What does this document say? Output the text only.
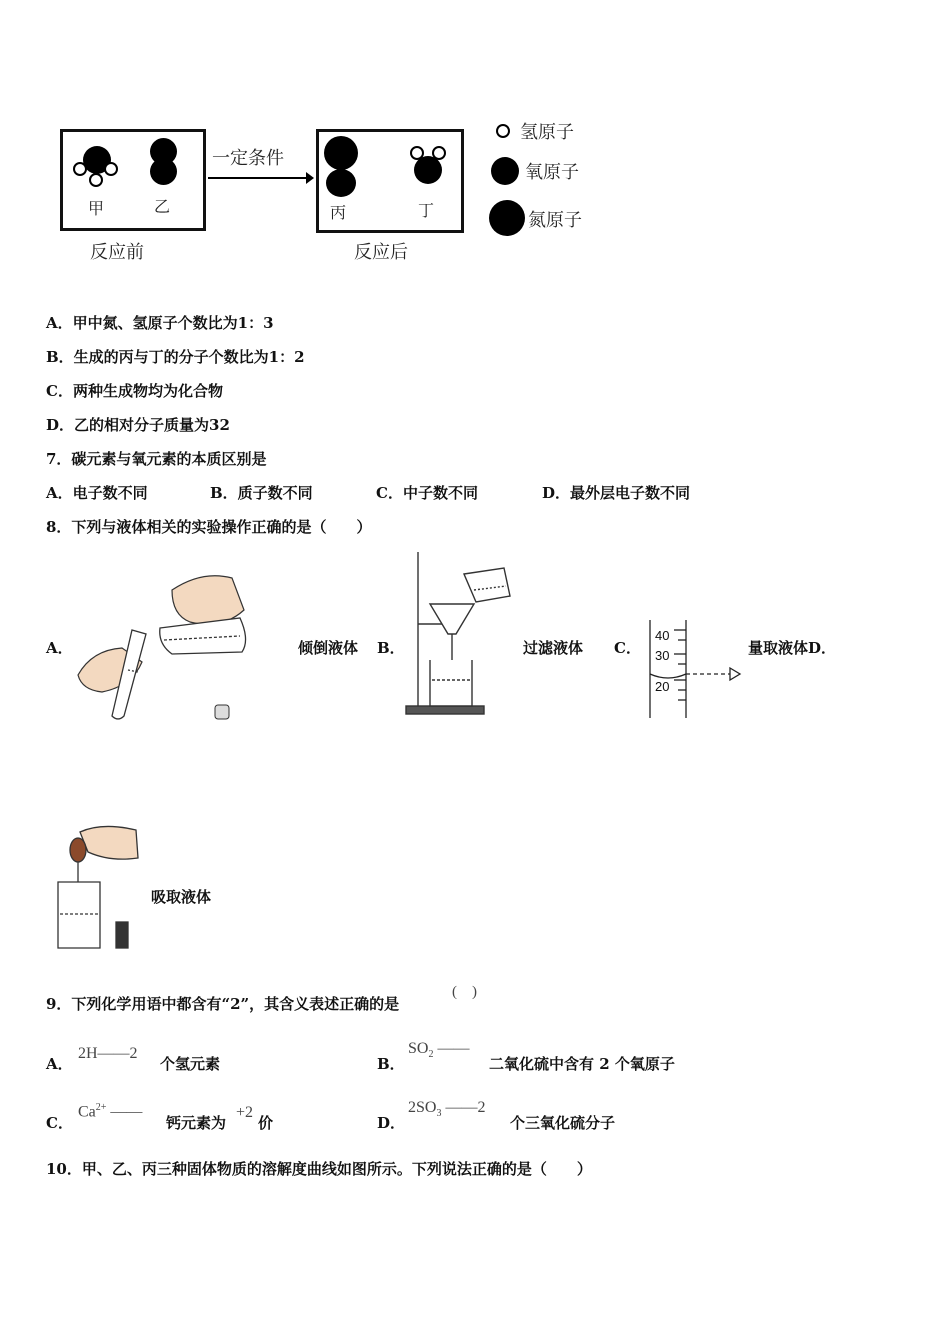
甲	乙
一定条件
丙	丁
反应前	反应后
氢原子
氧原子
氮原子
A．甲中氮、氢原子个数比为1：3
B．生成的丙与丁的分子个数比为1：2
C．两种生成物均为化合物
D．乙的相对分子质量为32
7．碳元素与氧元素的本质区别是
A．电子数不同	B．质子数不同	C．中子数不同	D．最外层电子数不同
8．下列与液体相关的实验操作正确的是（　　）
A．	倾倒液体 B．	过滤液体 C．
40
30
20
量取液体D．
吸取液体
9．下列化学用语中都含有“2”，其含义表述正确的是
(　)
A．
2H——2
个氢元素	B．
$SO_2$ ——
二氧化硫中含有 2 个氧原子
C．
$Ca^{2+}$ ——
钙元素为
+2
价	D．
$2SO_3$ ——2
个三氧化硫分子
10．甲、乙、丙三种固体物质的溶解度曲线如图所示。下列说法正确的是（　　）
